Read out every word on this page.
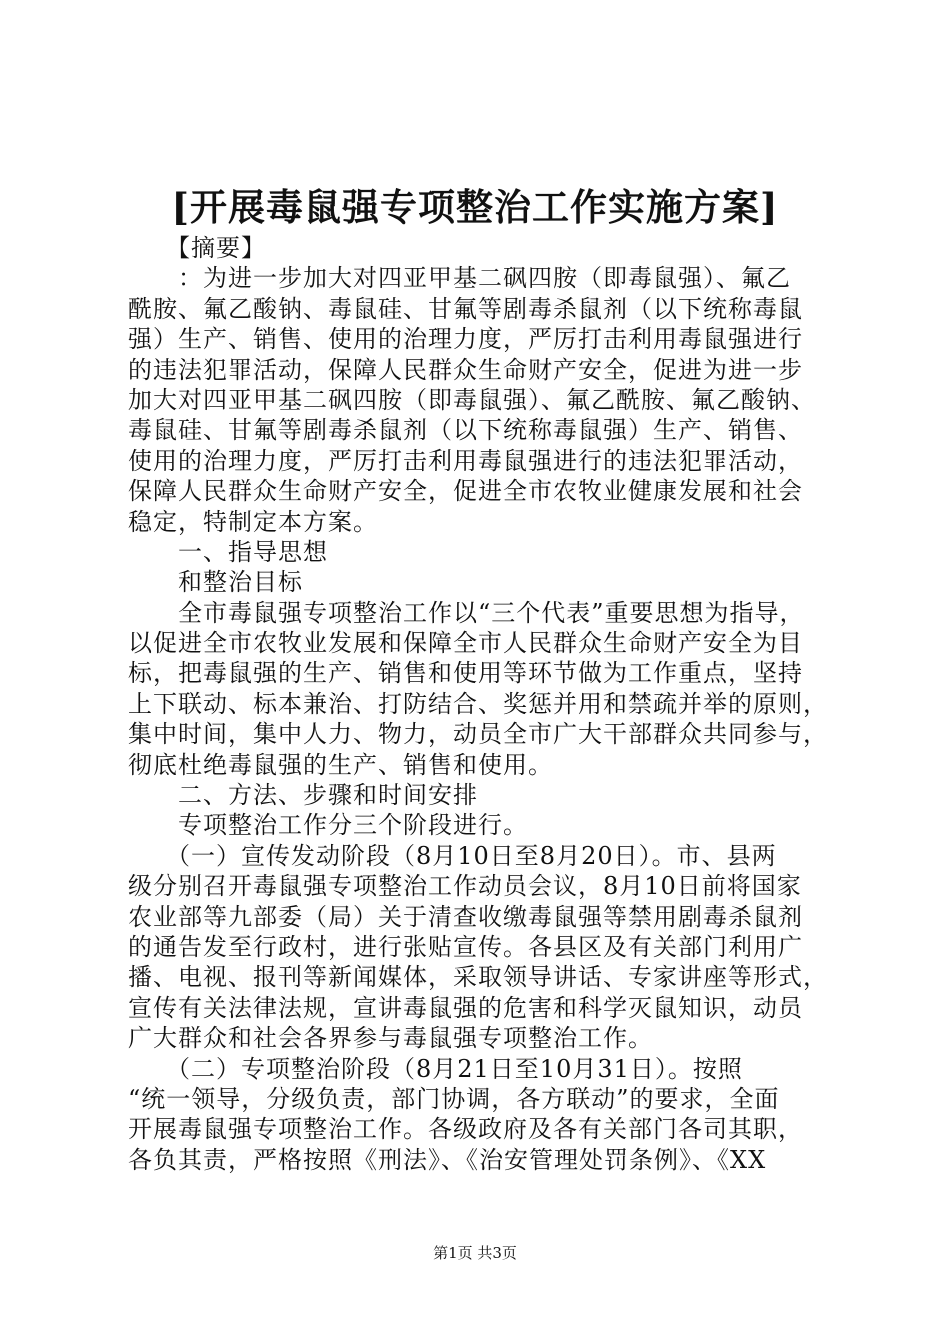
[开展毒鼠强专项整治工作实施方案]
　　【摘要】
　　：为进一步加大对四亚甲基二砜四胺（即毒鼠强）、氟乙
酰胺、氟乙酸钠、毒鼠硅、甘氟等剧毒杀鼠剂（以下统称毒鼠
强）生产、销售、使用的治理力度，严厉打击利用毒鼠强进行
的违法犯罪活动，保障人民群众生命财产安全，促进为进一步
加大对四亚甲基二砜四胺（即毒鼠强）、氟乙酰胺、氟乙酸钠、
毒鼠硅、甘氟等剧毒杀鼠剂（以下统称毒鼠强）生产、销售、
使用的治理力度，严厉打击利用毒鼠强进行的违法犯罪活动，
保障人民群众生命财产安全，促进全市农牧业健康发展和社会
稳定，特制定本方案。
　　一、指导思想
　　和整治目标
　　全市毒鼠强专项整治工作以“三个代表”重要思想为指导，
以促进全市农牧业发展和保障全市人民群众生命财产安全为目
标，把毒鼠强的生产、销售和使用等环节做为工作重点，坚持
上下联动、标本兼治、打防结合、奖惩并用和禁疏并举的原则，
集中时间，集中人力、物力，动员全市广大干部群众共同参与，
彻底杜绝毒鼠强的生产、销售和使用。
　　二、方法、步骤和时间安排
　　专项整治工作分三个阶段进行。
　　（一）宣传发动阶段（8月10日至8月20日）。市、县两
级分别召开毒鼠强专项整治工作动员会议，8月10日前将国家
农业部等九部委（局）关于清查收缴毒鼠强等禁用剧毒杀鼠剂
的通告发至行政村，进行张贴宣传。各县区及有关部门利用广
播、电视、报刊等新闻媒体，采取领导讲话、专家讲座等形式，
宣传有关法律法规，宣讲毒鼠强的危害和科学灭鼠知识，动员
广大群众和社会各界参与毒鼠强专项整治工作。
　　（二）专项整治阶段（8月21日至10月31日）。按照
“统一领导，分级负责，部门协调，各方联动”的要求，全面
开展毒鼠强专项整治工作。各级政府及各有关部门各司其职，
各负其责，严格按照《刑法》、《治安管理处罚条例》、《XX
第1页 共3页
